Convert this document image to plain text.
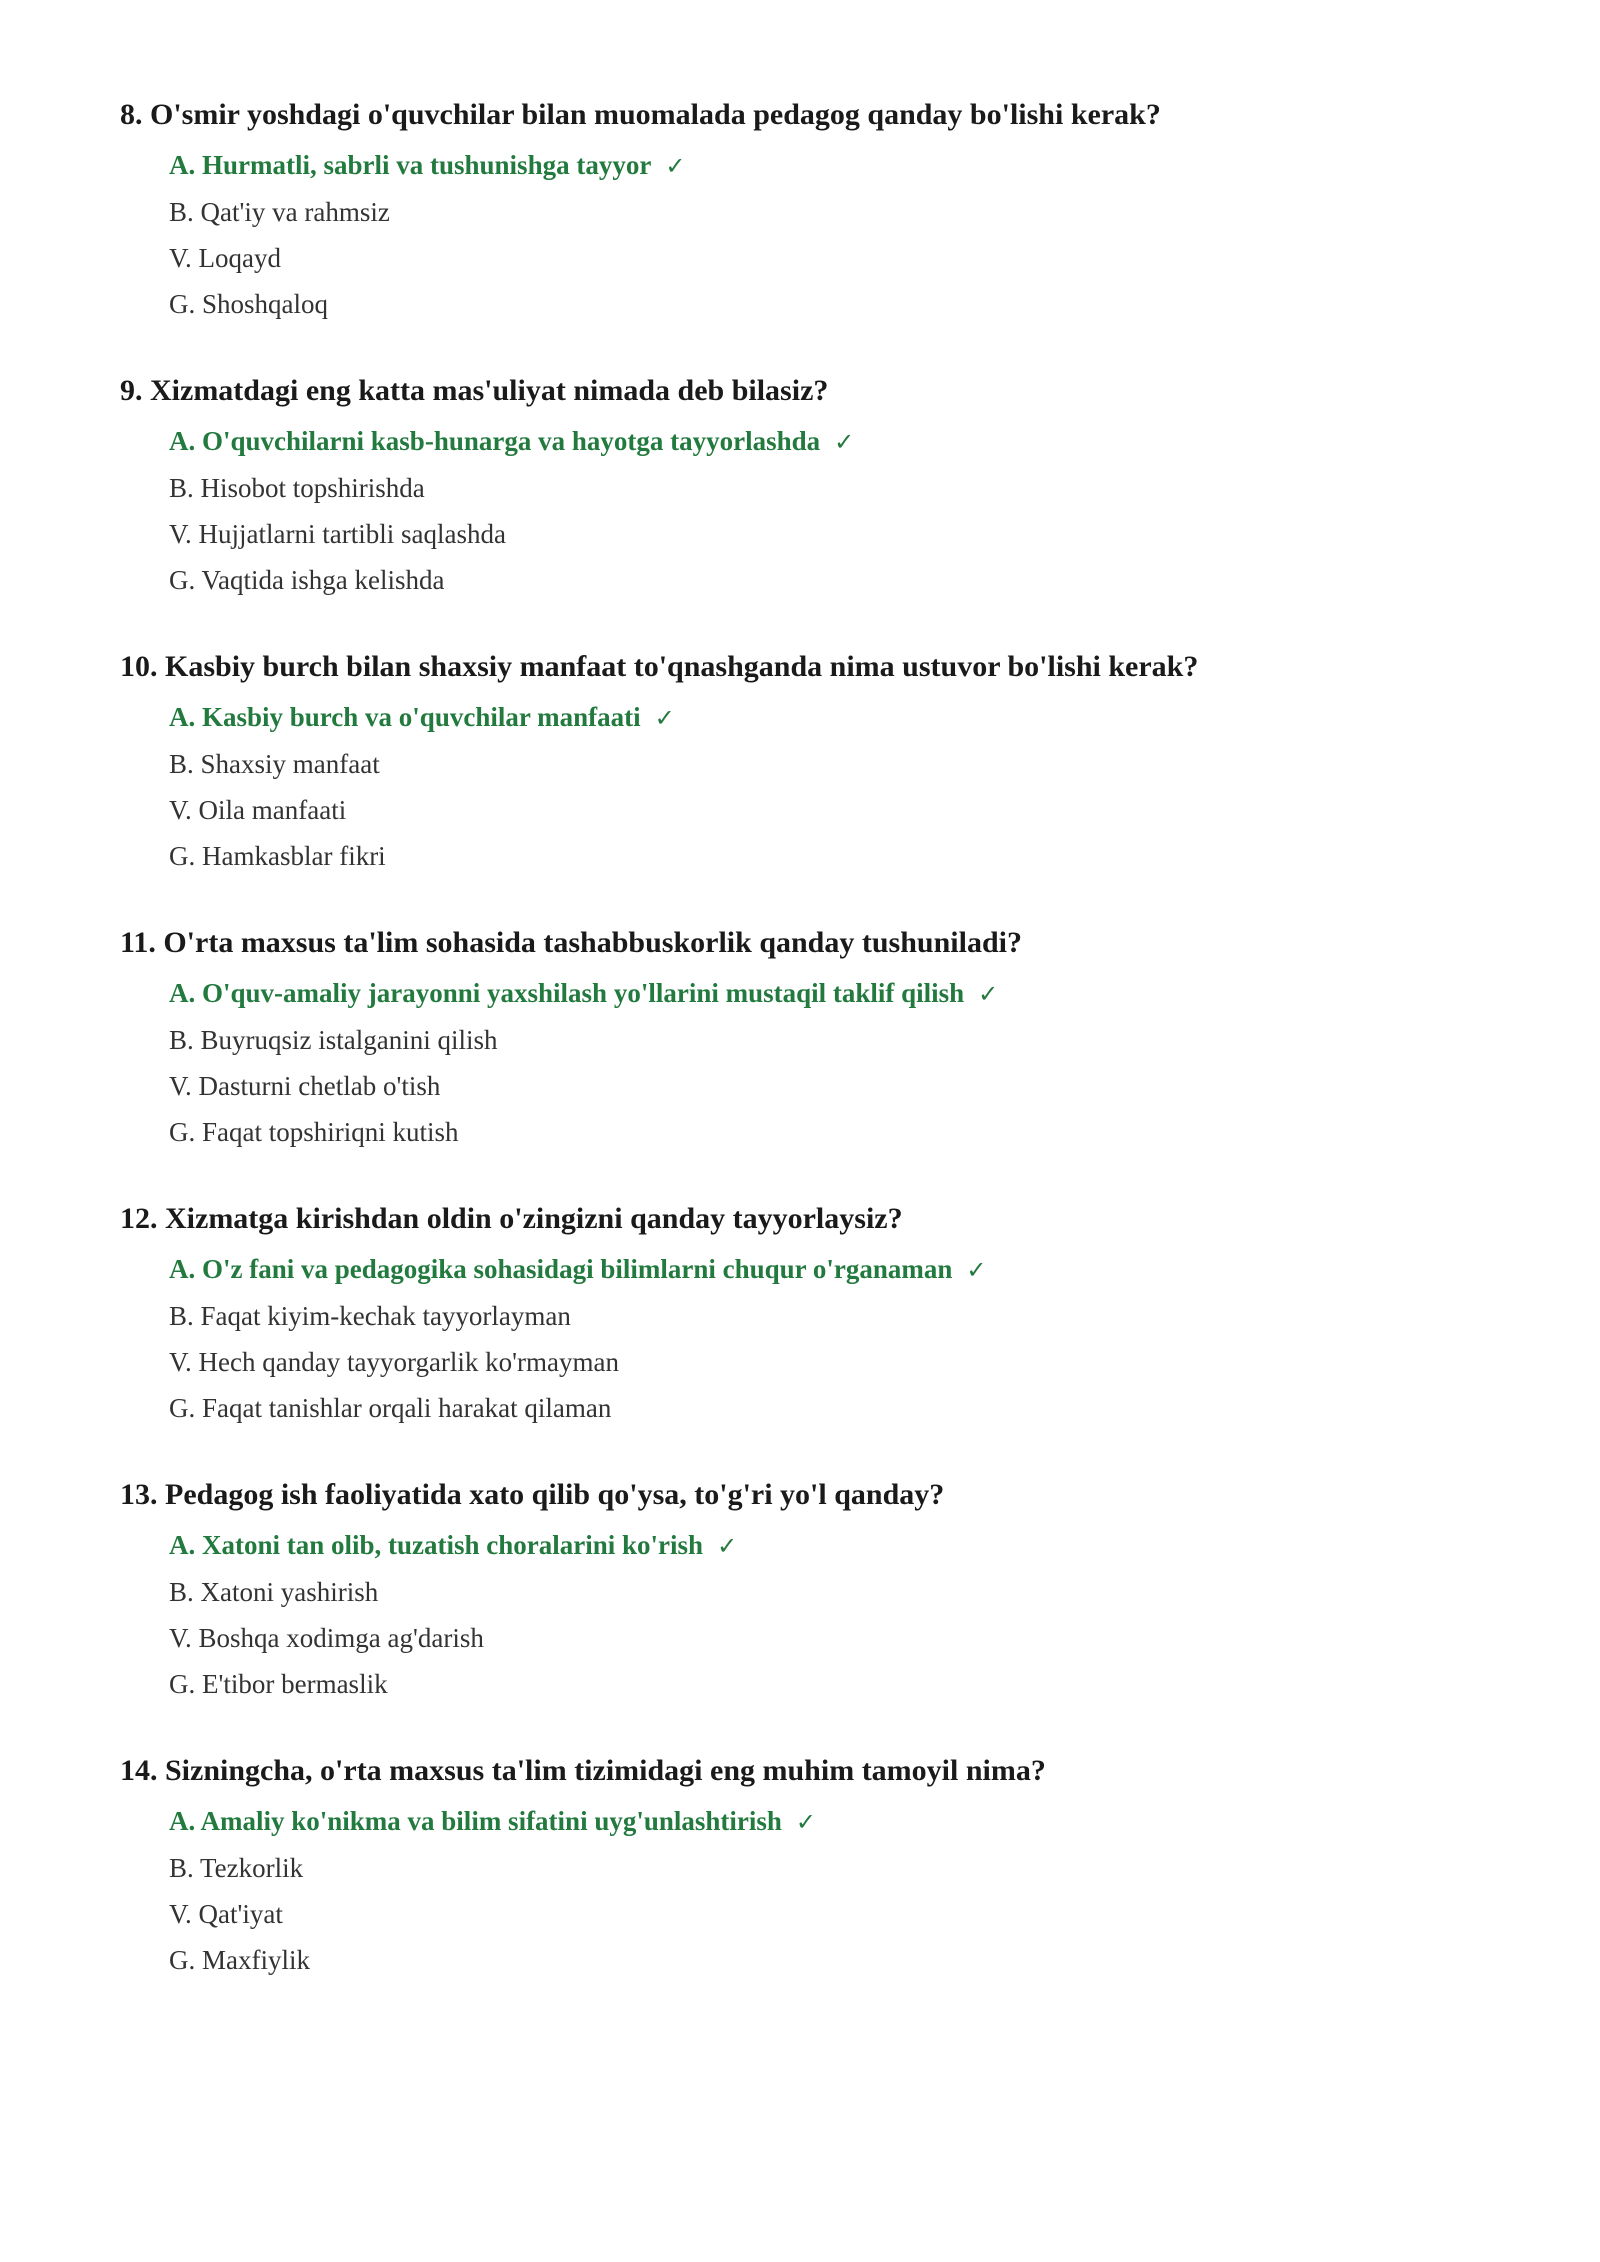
8. O'smir yoshdagi o'quvchilar bilan muomalada pedagog qanday bo'lishi kerak?
A. Hurmatli, sabrli va tushunishga tayyor ✓
B. Qat'iy va rahmsiz
V. Loqayd
G. Shoshqaloq
9. Xizmatdagi eng katta mas'uliyat nimada deb bilasiz?
A. O'quvchilarni kasb-hunarga va hayotga tayyorlashda ✓
B. Hisobot topshirishda
V. Hujjatlarni tartibli saqlashda
G. Vaqtida ishga kelishda
10. Kasbiy burch bilan shaxsiy manfaat to'qnashganda nima ustuvor bo'lishi kerak?
A. Kasbiy burch va o'quvchilar manfaati ✓
B. Shaxsiy manfaat
V. Oila manfaati
G. Hamkasblar fikri
11. O'rta maxsus ta'lim sohasida tashabbuskorlik qanday tushuniladi?
A. O'quv-amaliy jarayonni yaxshilash yo'llarini mustaqil taklif qilish ✓
B. Buyruqsiz istalganini qilish
V. Dasturni chetlab o'tish
G. Faqat topshiriqni kutish
12. Xizmatga kirishdan oldin o'zingizni qanday tayyorlaysiz?
A. O'z fani va pedagogika sohasidagi bilimlarni chuqur o'rganaman ✓
B. Faqat kiyim-kechak tayyorlayman
V. Hech qanday tayyorgarlik ko'rmayman
G. Faqat tanishlar orqali harakat qilaman
13. Pedagog ish faoliyatida xato qilib qo'ysa, to'g'ri yo'l qanday?
A. Xatoni tan olib, tuzatish choralarini ko'rish ✓
B. Xatoni yashirish
V. Boshqa xodimga ag'darish
G. E'tibor bermaslik
14. Sizningcha, o'rta maxsus ta'lim tizimidagi eng muhim tamoyil nima?
A. Amaliy ko'nikma va bilim sifatini uyg'unlashtirish ✓
B. Tezkorlik
V. Qat'iyat
G. Maxfiylik
